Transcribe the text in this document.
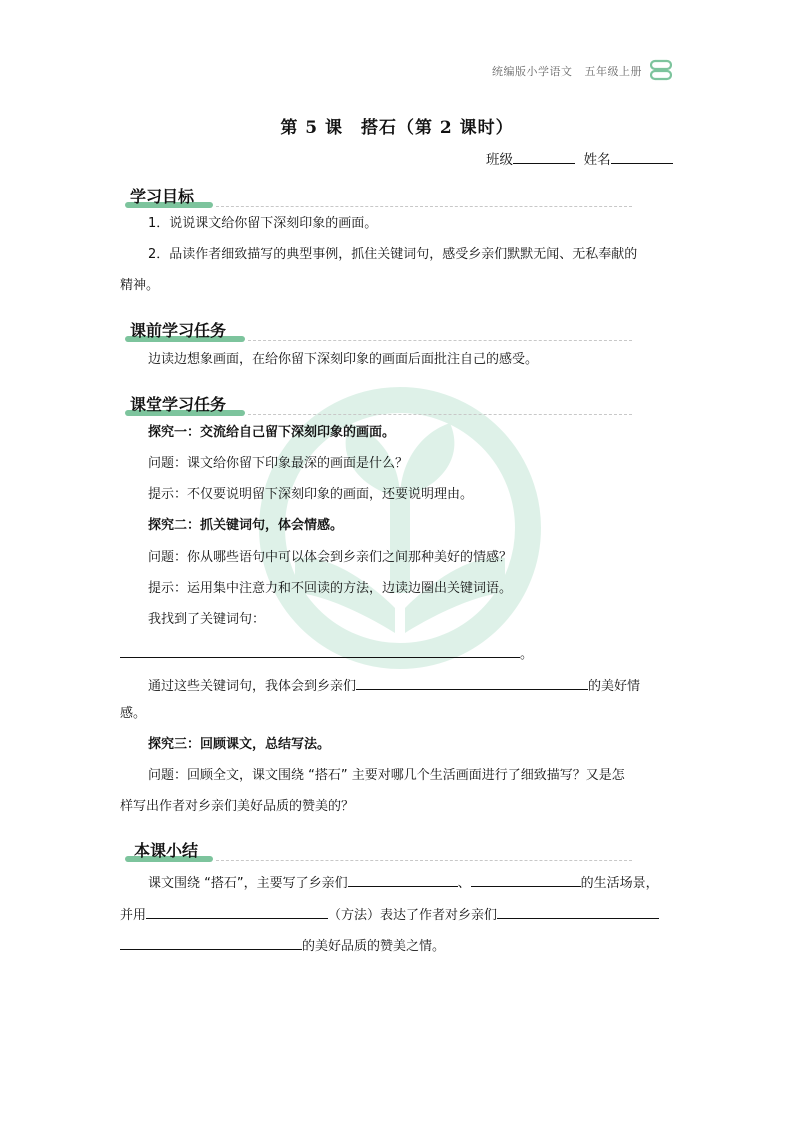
统编版小学语文 五年级上册
第 5 课　搭石（第 2 课时）
班级	姓名
学习目标
1．说说课文给你留下深刻印象的画面。
2．品读作者细致描写的典型事例，抓住关键词句，感受乡亲们默默无闻、无私奉献的
精神。
课前学习任务
边读边想象画面，在给你留下深刻印象的画面后面批注自己的感受。
课堂学习任务
探究一：交流给自己留下深刻印象的画面。
问题：课文给你留下印象最深的画面是什么？
提示：不仅要说明留下深刻印象的画面，还要说明理由。
探究二：抓关键词句，体会情感。
问题：你从哪些语句中可以体会到乡亲们之间那种美好的情感？
提示：运用集中注意力和不回读的方法，边读边圈出关键词语。
我找到了关键词句：
。
通过这些关键词句，我体会到乡亲们	的美好情
感。
探究三：回顾课文，总结写法。
问题：回顾全文，课文围绕 “搭石” 主要对哪几个生活画面进行了细致描写？又是怎
样写出作者对乡亲们美好品质的赞美的？
本课小结
课文围绕 “搭石”，主要写了乡亲们	、	的生活场景，
并用	（方法）表达了作者对乡亲们
的美好品质的赞美之情。
